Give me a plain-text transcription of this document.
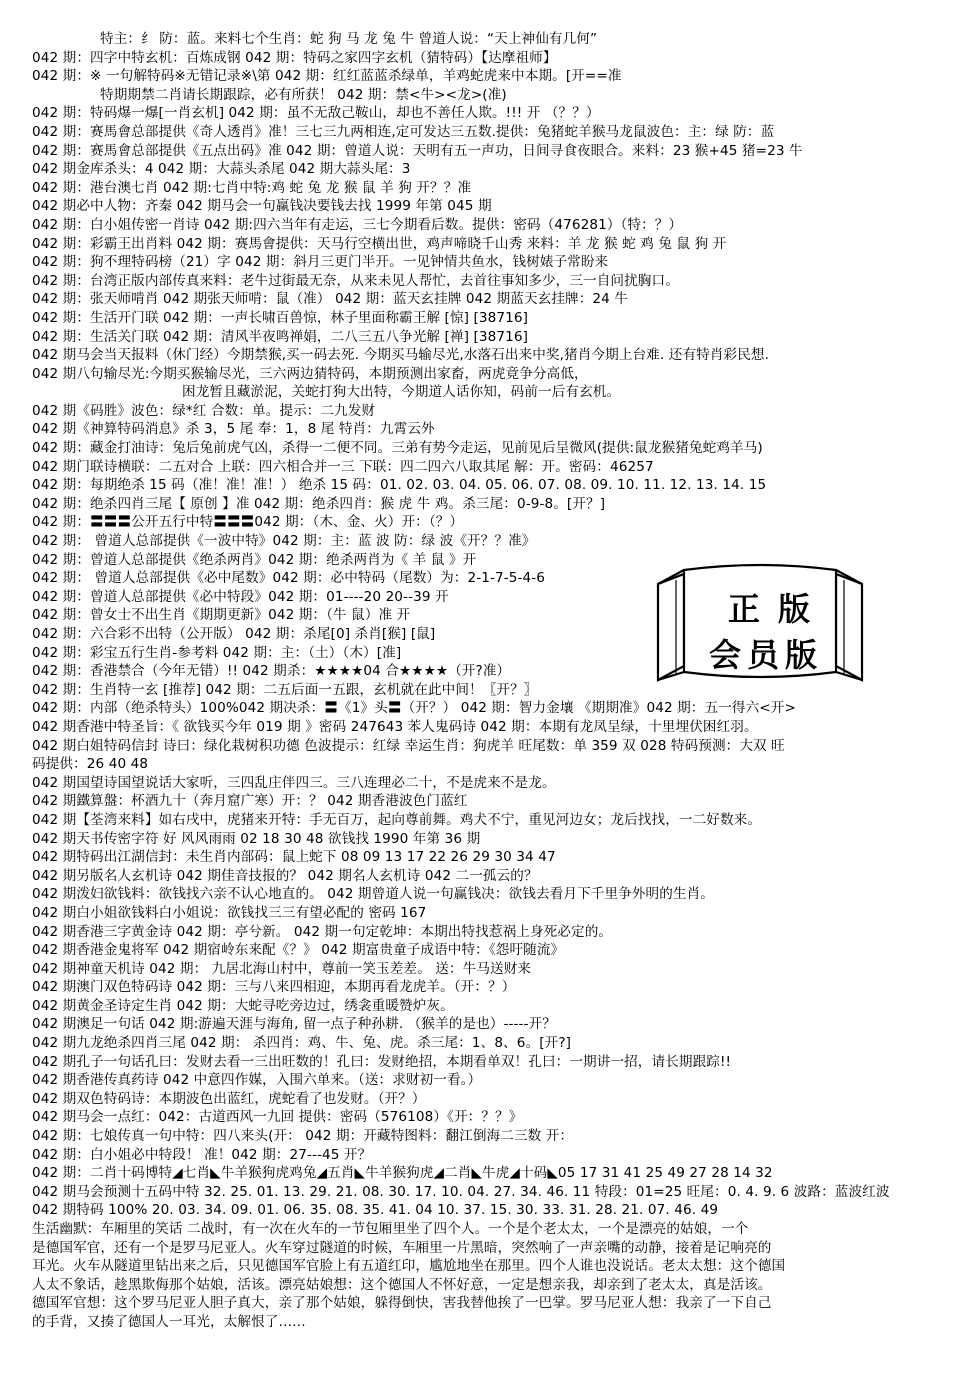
特主：纟 防：蓝。来料七个生肖：蛇 狗 马 龙 兔 牛 曾道人说：“天上神仙有几何”
042 期：四字中特玄机：百炼成钢 042 期：特码之家四字玄机（猜特码）【达摩祖师】
042 期：※ 一句解特码※无错记录※\第 042 期：红红蓝蓝杀绿单，羊鸡蛇虎来中本期。[开==准
特期期禁二肖请长期跟踪，必有所获！ 042 期：禁<牛><龙>(准)
042 期：特码爆一爆[一肖玄机] 042 期：虽不无敌己鞍山，却也不善任人欺。!!! 开 （？？）
042 期：赛馬會总部提供《奇人透肖》准！三七三九两相连,定可发达三五数.提供：兔猪蛇羊猴马龙鼠波色：主：绿 防：蓝
042 期：赛馬會总部提供《五点出码》准 042 期：曾道人说：天明有五一声功，日间寻食夜眼合。来料：23 猴+45 猪=23 牛
042 期金库杀头：4 042 期：大蒜头杀尾 042 期大蒜头尾：3
042 期：港台澳七肖 042 期:七肖中特:鸡 蛇 兔 龙 猴 鼠 羊 狗 开？？准
042 期必中人物：齐秦 042 期马会一句赢钱决要钱去找 1999 年第 045 期
042 期：白小姐传密一肖诗 042 期:四六当年有走运，三七今期看后数。提供：密码（476281）（特：？）
042 期：彩霸王出肖料 042 期：赛馬會提供：天马行空横出世，鸡声啼晓千山秀 来料：羊 龙 猴 蛇 鸡 兔 鼠 狗 开
042 期：狗不理特码榜（21）字 042 期：斜月三更门半开。一见钟情共鱼水，钱树婊子常盼来
042 期：台湾正版内部传真来料：老牛过街最无奈，从来未见人帮忙，去首往事知多少，三一自问扰胸口。
042 期：张天师啃肖 042 期张天师啃：鼠（准） 042 期：蓝天玄挂牌 042 期蓝天玄挂牌：24 牛
042 期：生活开门联 042 期：一声长啸百兽惊，林子里面称霸王解 [惊] [38716]
042 期：生活关门联 042 期：清风半夜鸣禅娟，二八三五八争光解 [禅] [38716]
042 期马会当天报料（休门经）今期禁猴,买一码去死. 今期买马输尽光,水落石出来中奖,猪肖今期上台难. 还有特肖彩民想.
042 期八句输尽光:今期买猴输尽光，三六两边猜特码，本期预测出家畜，两虎竟争分高低，
困龙暂且藏淤泥，关蛇打狗大出特，今期道人话你知，码前一后有玄机。
042 期《码胜》波色：绿*红 合数：单。提示：二九发财
042 期《神算特码消息》杀 3，5 尾 奉：1，8 尾 特肖：九霄云外
042 期：藏金打油诗：兔后兔前虎气凶，杀得一二便不同。三弟有势今走运，见前见后呈微风(提供:鼠龙猴猪兔蛇鸡羊马)
042 期门联诗横联：二五对合 上联：四六相合并一三 下联：四二四六八取其尾 解：开。密码：46257
042 期：每期绝杀 15 码（准！准！准！） 绝杀 15 码：01. 02. 03. 04. 05. 06. 07. 08. 09. 10. 11. 12. 13. 14. 15
042 期：绝杀四肖三尾【 原创 】准 042 期：绝杀四肖：猴 虎 牛 鸡。杀三尾：0-9-8。[开？]
042 期：〓〓〓公开五行中特〓〓〓042 期：（木、金、火）开：（？）
042 期： 曾道人总部提供《一波中特》042 期：主：蓝 波 防：绿 波《开？？准》
042 期：曾道人总部提供《绝杀两肖》042 期：绝杀两肖为《 羊 鼠 》开
042 期： 曾道人总部提供《必中尾数》042 期：必中特码（尾数）为：2-1-7-5-4-6
042 期：曾道人总部提供《必中特段》042 期：01----20 20--39 开
042 期：曾女士不出生肖《期期更新》042 期：（牛 鼠）准 开
042 期：六合彩不出特（公开版） 042 期：杀尾[0] 杀肖[猴] [鼠]
042 期：彩宝五行生肖-参考料 042 期：主：（土）（木）[准]
042 期：香港禁合（今年无错）!! 042 期杀：★★★★04 合★★★★（开?准）
042 期：生肖特一玄 [推荐] 042 期：二五后面一五跟，玄机就在此中间！〖开？〗
042 期：内部（绝杀特头）100%042 期决杀：〓《1》头〓（开？） 042 期：智力金壤 《期期准》042 期：五一得六<开>
042 期香港中特圣旨：《 欲钱买今年 019 期 》密码 247643 苯人鬼码诗 042 期：本期有龙凤呈绿，十里埋伏困红羽。
042 期白姐特码信封 诗曰：绿化栽树积功德 色波提示：红绿 幸运生肖：狗虎羊 旺尾数：单 359 双 028 特码预测：大双 旺
码提供：26 40 48
042 期国望诗国望说话大家听，三四乱庄伴四三。三八连理必二十，不是虎来不是龙。
042 期鐵算盤：杯酒九十（奔月窟广寒）开：？ 042 期香港波色门蓝红
042 期【荃湾来料】如右戌中，虎猪来开特：手无百万，起向尊前舞。鸡犬不宁，重见河边女；龙后找找，一二好数来。
042 期天书传密字符 好 风风雨雨 02 18 30 48 欲钱找 1990 年第 36 期
042 期特码出江湖信封：未生肖内部码：鼠上蛇下 08 09 13 17 22 26 29 30 34 47
042 期另版名人玄机诗 042 期佳音技报的？ 042 期名人玄机诗 042 二一孤云的？
042 期泼妇欲钱料：欲钱找六亲不认心地直的。 042 期曾道人说一句赢钱决：欲钱去看月下千里争外明的生肖。
042 期白小姐欲钱料白小姐说：欲钱找三三有望必配的 密码 167
042 期香港三字黄金诗 042 期：亭兮新。 042 期一句定乾坤：本期出特找惹祸上身死必定的。
042 期香港金鬼将军 042 期宿岭东来配《？》 042 期富贵童子成语中特：《怨吁随流》
042 期神童天机诗 042 期： 九居北海山村中，尊前一笑玉差差。 送：牛马送财来
042 期澳门双色特码诗 042 期：三与八来四相迎，本期再看龙虎羊。（开：？）
042 期黄金圣诗定生肖 042 期：大蛇寻吃旁边过，绣衾重暖赞炉灰。
042 期澳足一句话 042 期:游遍天涯与海角, 留一点子种孙耕. （猴羊的是也）-----开？
042 期九龙绝杀四肖三尾 042 期： 杀四肖：鸡、牛、兔、虎。杀三尾：1、8、6。[开?]
042 期孔子一句话孔曰：发财去看一三出旺数的！孔曰：发财绝招，本期看单双！孔曰：一期讲一招，请长期跟踪!!
042 期香港传真药诗 042 中意四作媒，入围六单来。（送：求财初一看。）
042 期双色特码诗：本期波色出蓝红，虎蛇看了也发财。（开？）
042 期马会一点红：042：古道西风一九回 提供：密码（576108）《开：？？》
042 期：七娘传真一句中特：四八来头(开： 042 期：开藏特图料：翻江倒海二三数 开：
042 期：白小姐必中特段！ 准！042 期：27---45 开？
042 期：二肖十码博特◢七肖◣牛羊猴狗虎鸡兔◢五肖◣牛羊猴狗虎◢二肖◣牛虎◢十码◣05 17 31 41 25 49 27 28 14 32
042 期马会预测十五码中特 32. 25. 01. 13. 29. 21. 08. 30. 17. 10. 04. 27. 34. 46. 11 特段：01=25 旺尾：0. 4. 9. 6 波路：蓝波红波
042 期特码 100% 20. 03. 34. 09. 01. 06. 35. 08. 35. 41. 04 10. 37. 15. 30. 33. 31. 28. 21. 07. 46. 49
生活幽默：车厢里的笑话 二战时，有一次在火车的一节包厢里坐了四个人。一个是个老太太，一个是漂亮的姑娘，一个
是德国军官，还有一个是罗马尼亚人。火车穿过隧道的时候，车厢里一片黑暗，突然响了一声亲嘴的动静，接着是记响亮的
耳光。火车从隧道里钻出来之后，只见德国军官脸上有五道红印，尴尬地坐在那里。四个人谁也没说话。老太太想：这个德国
人太不象话，趁黑欺侮那个姑娘，活该。漂亮姑娘想：这个德国人不怀好意，一定是想亲我，却亲到了老太太，真是活该。
德国军官想：这个罗马尼亚人胆子真大，亲了那个姑娘，躲得倒快，害我替他挨了一巴掌。罗马尼亚人想：我亲了一下自己
的手背，又揍了德国人一耳光，太解恨了……
正版
会员版
